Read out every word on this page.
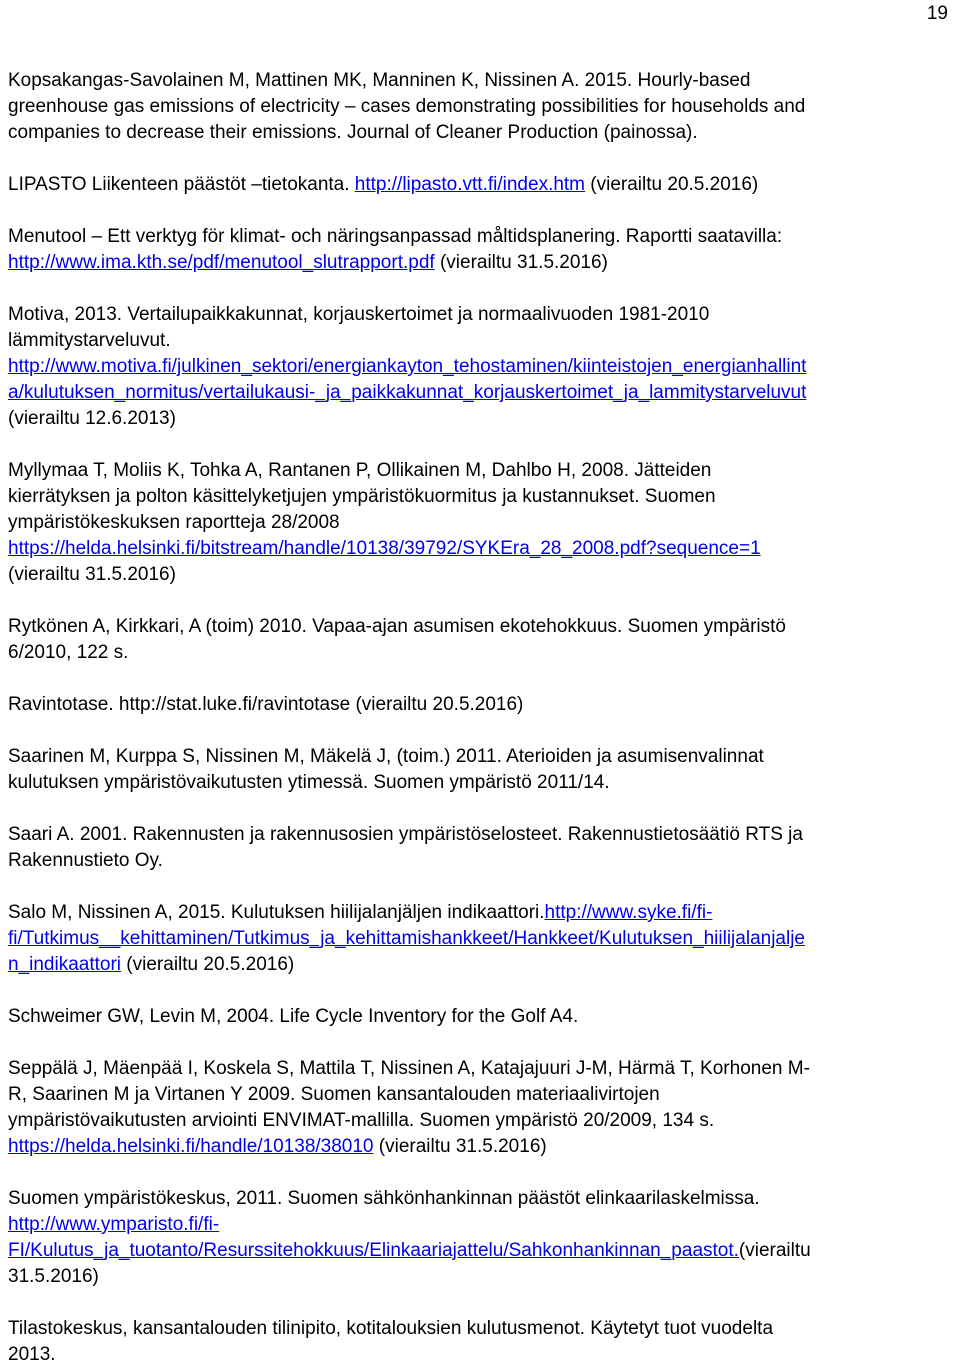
19
Kopsakangas-Savolainen M, Mattinen MK, Manninen K, Nissinen A. 2015. Hourly-based
greenhouse gas emissions of electricity – cases demonstrating possibilities for households and
companies to decrease their emissions. Journal of Cleaner Production (painossa).
LIPASTO Liikenteen päästöt –tietokanta. http://lipasto.vtt.fi/index.htm (vierailtu 20.5.2016)
Menutool – Ett verktyg för klimat- och näringsanpassad måltidsplanering. Raportti saatavilla:
http://www.ima.kth.se/pdf/menutool_slutrapport.pdf (vierailtu 31.5.2016)
Motiva, 2013. Vertailupaikkakunnat, korjauskertoimet ja normaalivuoden 1981-2010
lämmitystarveluvut.
http://www.motiva.fi/julkinen_sektori/energiankayton_tehostaminen/kiinteistojen_energianhallint
a/kulutuksen_normitus/vertailukausi-_ja_paikkakunnat_korjauskertoimet_ja_lammitystarveluvut
(vierailtu 12.6.2013)
Myllymaa T, Moliis K, Tohka A, Rantanen P, Ollikainen M, Dahlbo H, 2008. Jätteiden
kierrätyksen ja polton käsittelyketjujen ympäristökuormitus ja kustannukset. Suomen
ympäristökeskuksen raportteja 28/2008
https://helda.helsinki.fi/bitstream/handle/10138/39792/SYKEra_28_2008.pdf?sequence=1
(vierailtu 31.5.2016)
Rytkönen A, Kirkkari, A (toim) 2010. Vapaa-ajan asumisen ekotehokkuus. Suomen ympäristö
6/2010, 122 s.
Ravintotase. http://stat.luke.fi/ravintotase (vierailtu 20.5.2016)
Saarinen M, Kurppa S, Nissinen M, Mäkelä J, (toim.) 2011. Aterioiden ja asumisenvalinnat
kulutuksen ympäristövaikutusten ytimessä. Suomen ympäristö 2011/14.
Saari A. 2001. Rakennusten ja rakennusosien ympäristöselosteet. Rakennustietosäätiö RTS ja
Rakennustieto Oy.
Salo M, Nissinen A, 2015. Kulutuksen hiilijalanjäljen indikaattori.http://www.syke.fi/fi-
fi/Tutkimus__kehittaminen/Tutkimus_ja_kehittamishankkeet/Hankkeet/Kulutuksen_hiilijalanjalje
n_indikaattori (vierailtu 20.5.2016)
Schweimer GW, Levin M, 2004. Life Cycle Inventory for the Golf A4.
Seppälä J, Mäenpää I, Koskela S, Mattila T, Nissinen A, Katajajuuri J-M, Härmä T, Korhonen M-
R, Saarinen M ja Virtanen Y 2009. Suomen kansantalouden materiaalivirtojen
ympäristövaikutusten arviointi ENVIMAT-mallilla. Suomen ympäristö 20/2009, 134 s.
https://helda.helsinki.fi/handle/10138/38010 (vierailtu 31.5.2016)
Suomen ympäristökeskus, 2011. Suomen sähkönhankinnan päästöt elinkaarilaskelmissa.
http://www.ymparisto.fi/fi-
FI/Kulutus_ja_tuotanto/Resurssitehokkuus/Elinkaariajattelu/Sahkonhankinnan_paastot.(vierailtu
31.5.2016)
Tilastokeskus, kansantalouden tilinipito, kotitalouksien kulutusmenot. Käytetyt tuot vuodelta
2013.
